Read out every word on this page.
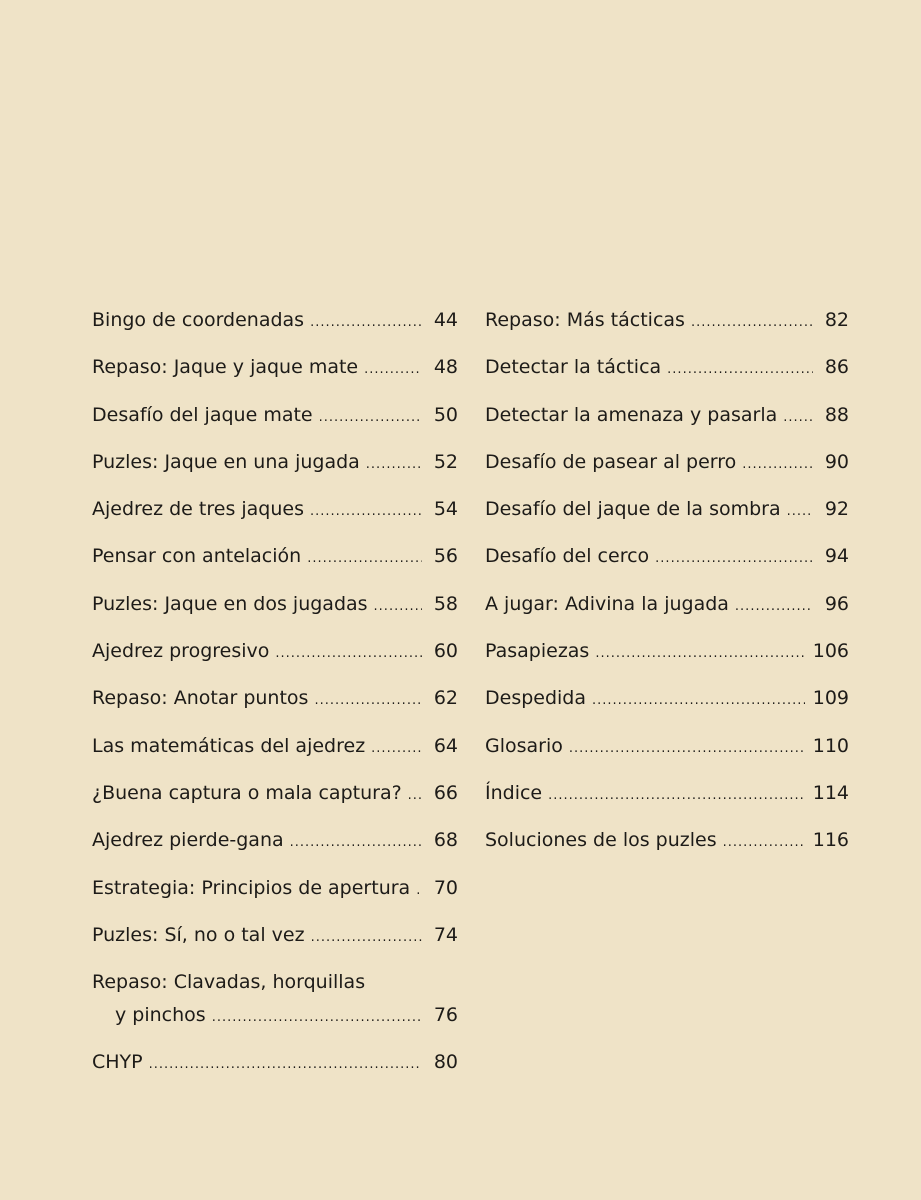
Bingo de coordenadas .....	44
Repaso: Jaque y jaque mate .....	48
Desafío del jaque mate .....	50
Puzles: Jaque en una jugada .....	52
Ajedrez de tres jaques .....	54
Pensar con antelación .....	56
Puzles: Jaque en dos jugadas .....	58
Ajedrez progresivo .....	60
Repaso: Anotar puntos .....	62
Las matemáticas del ajedrez .....	64
¿Buena captura o mala captura? ..... 66
Ajedrez pierde-gana .....	68
Estrategia: Principios de apertura ..... 70
Puzles: Sí, no o tal vez .....	74
Repaso: Clavadas, horquillas
y pinchos .....	76
CHYP .....	80
Repaso: Más tácticas .....	82
Detectar la táctica .....	86
Detectar la amenaza y pasarla .....	88
Desafío de pasear al perro .....	90
Desafío del jaque de la sombra ..... 92
Desafío del cerco .....	94
A jugar: Adivina la jugada .....	96
Pasapiezas .....	106
Despedida .....	109
Glosario .....	110
Índice .....	114
Soluciones de los puzles .....	116
